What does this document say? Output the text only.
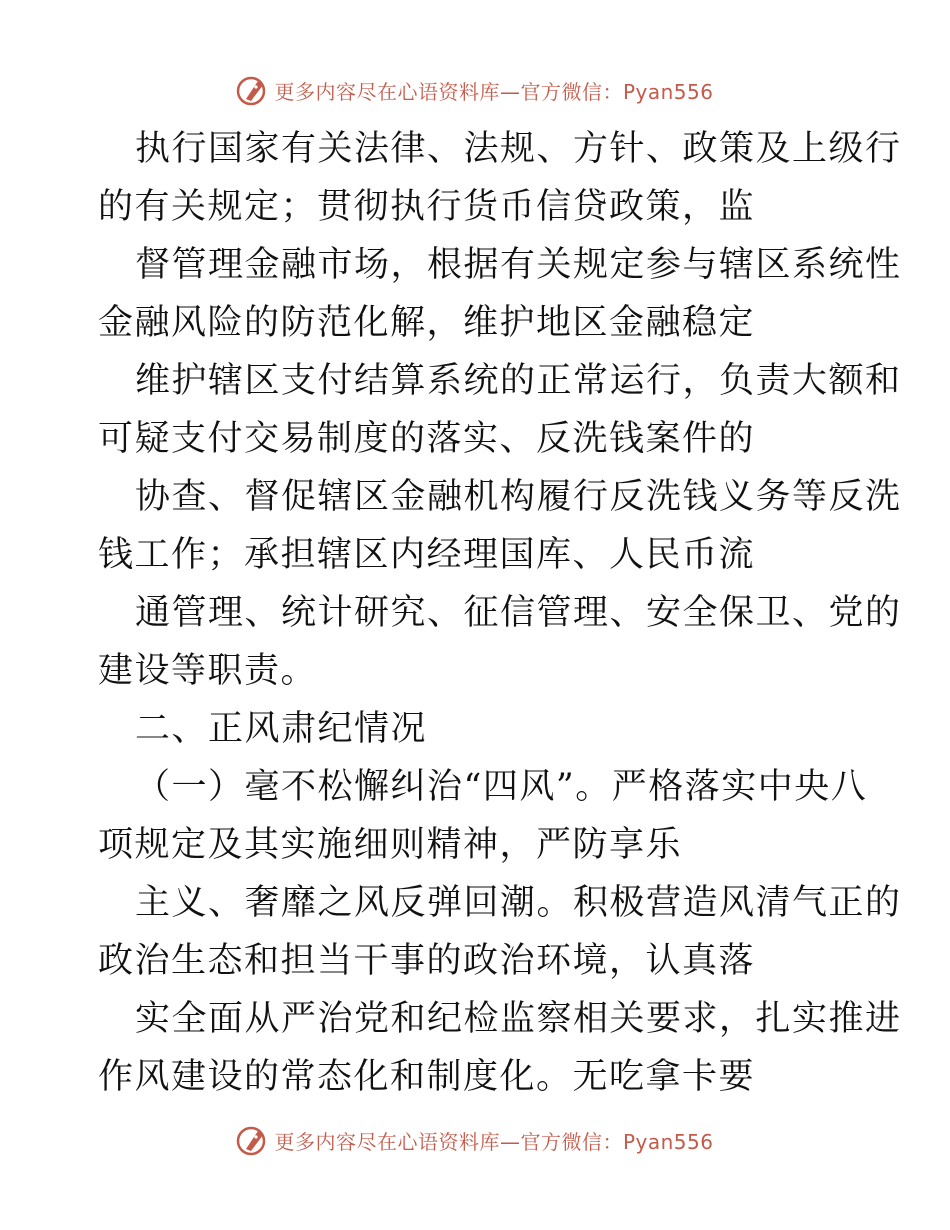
更多内容尽在心语资料库—官方微信：Pyan556
执行国家有关法律、法规、方针、政策及上级行
的有关规定；贯彻执行货币信贷政策，监
督管理金融市场，根据有关规定参与辖区系统性
金融风险的防范化解，维护地区金融稳定
维护辖区支付结算系统的正常运行，负责大额和
可疑支付交易制度的落实、反洗钱案件的
协查、督促辖区金融机构履行反洗钱义务等反洗
钱工作；承担辖区内经理国库、人民币流
通管理、统计研究、征信管理、安全保卫、党的
建设等职责。
二、正风肃纪情况
（一）毫不松懈纠治“四风”。严格落实中央八
项规定及其实施细则精神，严防享乐
主义、奢靡之风反弹回潮。积极营造风清气正的
政治生态和担当干事的政治环境，认真落
实全面从严治党和纪检监察相关要求，扎实推进
作风建设的常态化和制度化。无吃拿卡要
更多内容尽在心语资料库—官方微信：Pyan556
